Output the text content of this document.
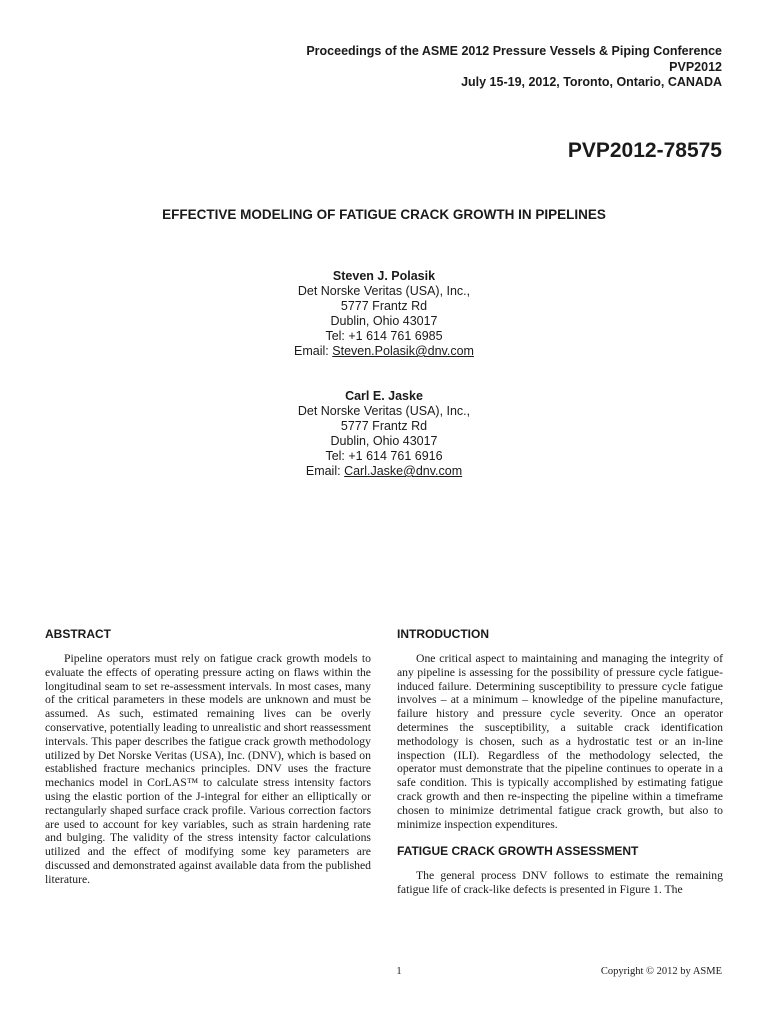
Proceedings of the ASME 2012 Pressure Vessels & Piping Conference
PVP2012
July 15-19, 2012, Toronto, Ontario, CANADA
PVP2012-78575
EFFECTIVE MODELING OF FATIGUE CRACK GROWTH IN PIPELINES
Steven J. Polasik
Det Norske Veritas (USA), Inc.,
5777 Frantz Rd
Dublin, Ohio 43017
Tel: +1 614 761 6985
Email: Steven.Polasik@dnv.com
Carl E. Jaske
Det Norske Veritas (USA), Inc.,
5777 Frantz Rd
Dublin, Ohio 43017
Tel: +1 614 761 6916
Email: Carl.Jaske@dnv.com
ABSTRACT

Pipeline operators must rely on fatigue crack growth models to evaluate the effects of operating pressure acting on flaws within the longitudinal seam to set re-assessment intervals. In most cases, many of the critical parameters in these models are unknown and must be assumed. As such, estimated remaining lives can be overly conservative, potentially leading to unrealistic and short reassessment intervals. This paper describes the fatigue crack growth methodology utilized by Det Norske Veritas (USA), Inc. (DNV), which is based on established fracture mechanics principles. DNV uses the fracture mechanics model in CorLAS™ to calculate stress intensity factors using the elastic portion of the J-integral for either an elliptically or rectangularly shaped surface crack profile. Various correction factors are used to account for key variables, such as strain hardening rate and bulging. The validity of the stress intensity factor calculations utilized and the effect of modifying some key parameters are discussed and demonstrated against available data from the published literature.

INTRODUCTION

One critical aspect to maintaining and managing the integrity of any pipeline is assessing for the possibility of pressure cycle fatigue-induced failure. Determining susceptibility to pressure cycle fatigue involves – at a minimum – knowledge of the pipeline manufacture, failure history and pressure cycle severity. Once an operator determines the susceptibility, a suitable crack identification methodology is chosen, such as a hydrostatic test or an in-line inspection (ILI). Regardless of the methodology selected, the operator must demonstrate that the pipeline continues to operate in a safe condition. This is typically accomplished by estimating fatigue crack growth and then re-inspecting the pipeline within a timeframe chosen to minimize detrimental fatigue crack growth, but also to minimize inspection expenditures.

FATIGUE CRACK GROWTH ASSESSMENT

The general process DNV follows to estimate the remaining fatigue life of crack-like defects is presented in Figure 1. The

1	Copyright © 2012 by ASME
